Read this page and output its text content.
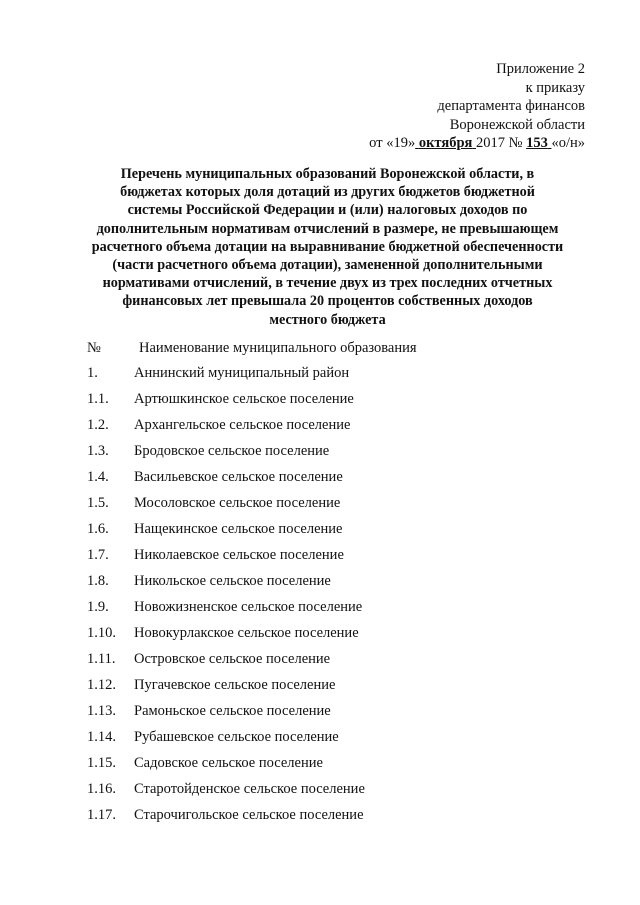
Приложение 2
к приказу
департамента финансов
Воронежской области
от «19» октября 2017 № 153 «о/н»
Перечень муниципальных образований Воронежской области, в
бюджетах которых доля дотаций из других бюджетов бюджетной
системы Российской Федерации и (или) налоговых доходов по
дополнительным нормативам отчислений в размере, не превышающем
расчетного объема дотации на выравнивание бюджетной обеспеченности
(части расчетного объема дотации), замененной дополнительными
нормативами отчислений, в течение двух из трех последних отчетных
финансовых лет превышала 20 процентов собственных доходов
местного бюджета
№	Наименование муниципального образования
1. Аннинский муниципальный район
1.1. Артюшкинское сельское поселение
1.2. Архангельское сельское поселение
1.3. Бродовское сельское поселение
1.4. Васильевское сельское поселение
1.5. Мосоловское сельское поселение
1.6. Нащекинское сельское поселение
1.7. Николаевское сельское поселение
1.8. Никольское сельское поселение
1.9. Новожизненское сельское поселение
1.10. Новокурлакское сельское поселение
1.11. Островское сельское поселение
1.12. Пугачевское сельское поселение
1.13. Рамоньское сельское поселение
1.14. Рубашевское сельское поселение
1.15. Садовское сельское поселение
1.16. Старотойденское сельское поселение
1.17. Старочигольское сельское поселение
